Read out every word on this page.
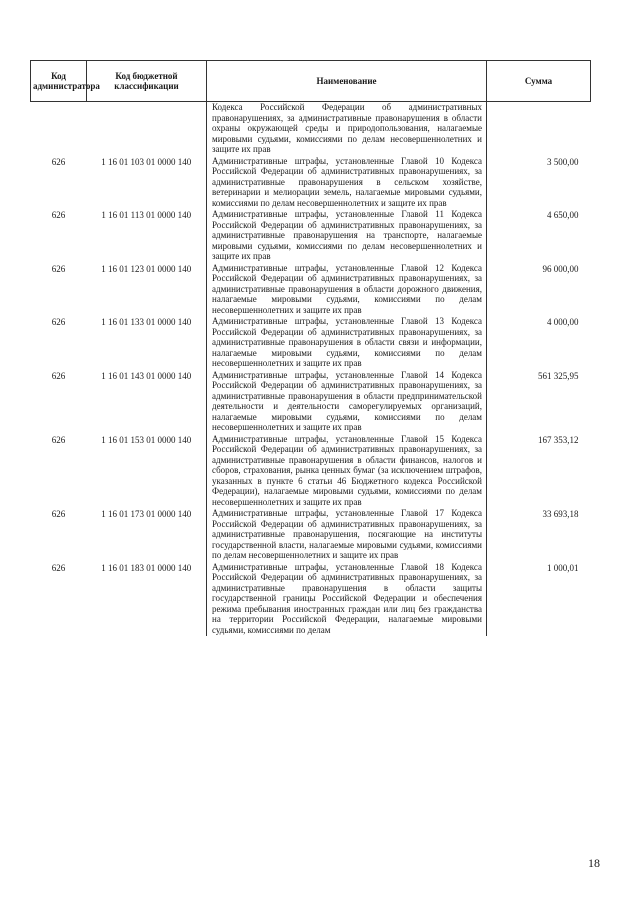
Код администратора	Код бюджетной классификации	Наименование	Сумма
		Кодекса Российской Федерации об административных правонарушениях, за административные правонарушения в области охраны окружающей среды и природопользования, налагаемые мировыми судьями, комиссиями по делам несовершеннолетних и защите их прав	
626	1 16 01 103 01 0000 140	Административные штрафы, установленные Главой 10 Кодекса Российской Федерации об административных правонарушениях, за административные правонарушения в сельском хозяйстве, ветеринарии и мелиорации земель, налагаемые мировыми судьями, комиссиями по делам несовершеннолетних и защите их прав	3 500,00
626	1 16 01 113 01 0000 140	Административные штрафы, установленные Главой 11 Кодекса Российской Федерации об административных правонарушениях, за административные правонарушения на транспорте, налагаемые мировыми судьями, комиссиями по делам несовершеннолетних и защите их прав	4 650,00
626	1 16 01 123 01 0000 140	Административные штрафы, установленные Главой 12 Кодекса Российской Федерации об административных правонарушениях, за административные правонарушения в области дорожного движения, налагаемые мировыми судьями, комиссиями по делам несовершеннолетних и защите их прав	96 000,00
626	1 16 01 133 01 0000 140	Административные штрафы, установленные Главой 13 Кодекса Российской Федерации об административных правонарушениях, за административные правонарушения в области связи и информации, налагаемые мировыми судьями, комиссиями по делам несовершеннолетних и защите их прав	4 000,00
626	1 16 01 143 01 0000 140	Административные штрафы, установленные Главой 14 Кодекса Российской Федерации об административных правонарушениях, за административные правонарушения в области предпринимательской деятельности и деятельности саморегулируемых организаций, налагаемые мировыми судьями, комиссиями по делам несовершеннолетних и защите их прав	561 325,95
626	1 16 01 153 01 0000 140	Административные штрафы, установленные Главой 15 Кодекса Российской Федерации об административных правонарушениях, за административные правонарушения в области финансов, налогов и сборов, страхования, рынка ценных бумаг (за исключением штрафов, указанных в пункте 6 статьи 46 Бюджетного кодекса Российской Федерации), налагаемые мировыми судьями, комиссиями по делам несовершеннолетних и защите их прав	167 353,12
626	1 16 01 173 01 0000 140	Административные штрафы, установленные Главой 17 Кодекса Российской Федерации об административных правонарушениях, за административные правонарушения, посягающие на институты государственной власти, налагаемые мировыми судьями, комиссиями по делам несовершеннолетних и защите их прав	33 693,18
626	1 16 01 183 01 0000 140	Административные штрафы, установленные Главой 18 Кодекса Российской Федерации об административных правонарушениях, за административные правонарушения в области защиты государственной границы Российской Федерации и обеспечения режима пребывания иностранных граждан или лиц без гражданства на территории Российской Федерации, налагаемые мировыми судьями, комиссиями по делам	1 000,01
18
